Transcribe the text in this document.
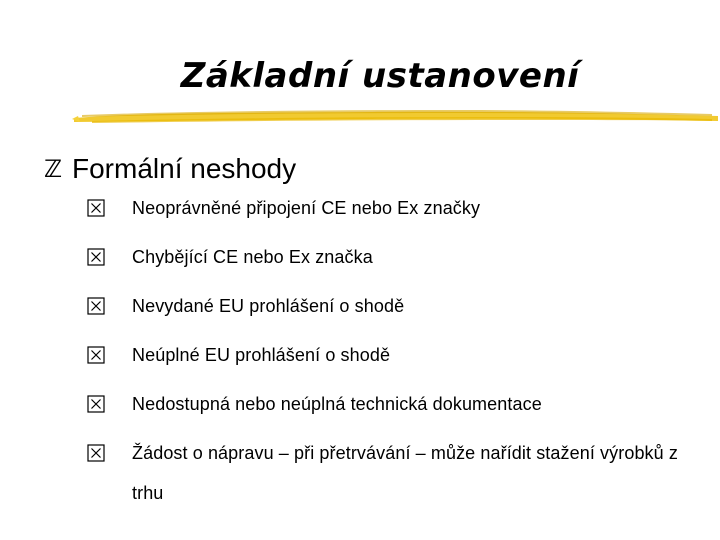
Základní ustanovení
ℤ Formální neshody
Neoprávněné připojení CE nebo Ex značky
Chybějící CE nebo Ex značka
Nevydané EU prohlášení o shodě
Neúplné EU prohlášení o shodě
Nedostupná nebo neúplná technická dokumentace
Žádost o nápravu – při přetrvávání – může nařídit stažení výrobků z trhu
